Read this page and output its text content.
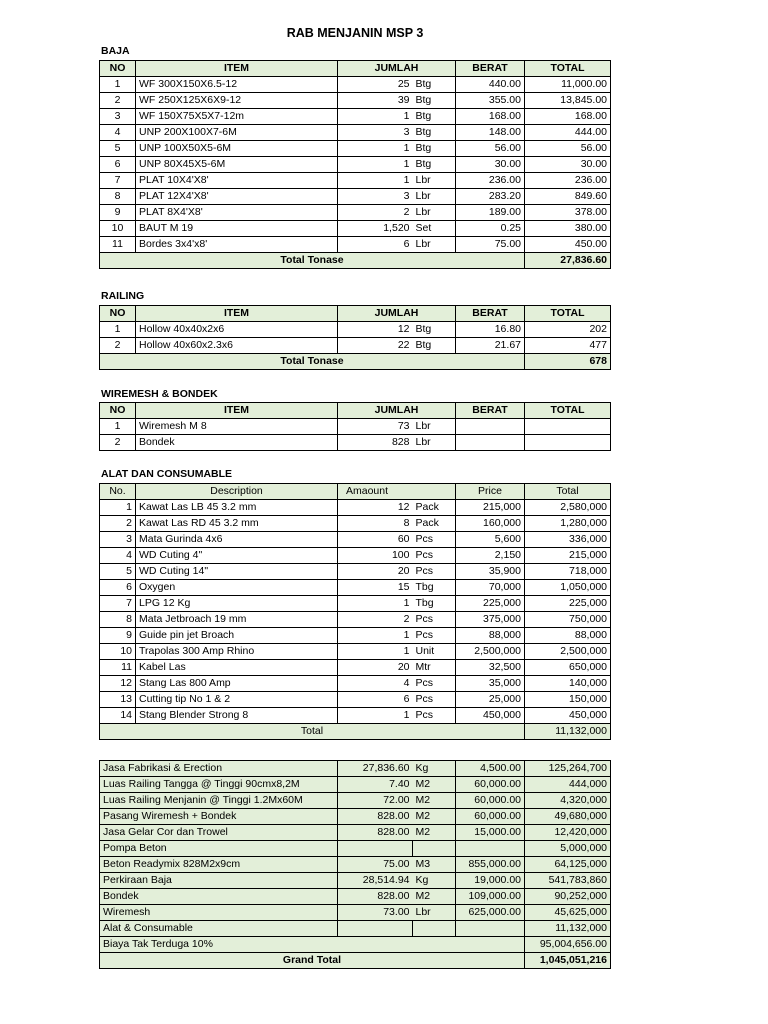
RAB MENJANIN MSP 3
BAJA
NO	ITEM	JUMLAH		BERAT	TOTAL
1	WF 300X150X6.5-12	25	Btg	440.00	11,000.00
2	WF 250X125X6X9-12	39	Btg	355.00	13,845.00
3	WF 150X75X5X7-12m	1	Btg	168.00	168.00
4	UNP 200X100X7-6M	3	Btg	148.00	444.00
5	UNP 100X50X5-6M	1	Btg	56.00	56.00
6	UNP 80X45X5-6M	1	Btg	30.00	30.00
7	PLAT 10X4'X8'	1	Lbr	236.00	236.00
8	PLAT 12X4'X8'	3	Lbr	283.20	849.60
9	PLAT 8X4'X8'	2	Lbr	189.00	378.00
10	BAUT M 19	1,520	Set	0.25	380.00
11	Bordes 3x4'x8'	6	Lbr	75.00	450.00
Total Tonase					27,836.60
RAILING
NO	ITEM	JUMLAH		BERAT	TOTAL
1	Hollow 40x40x2x6	12	Btg	16.80	202
2	Hollow 40x60x2.3x6	22	Btg	21.67	477
Total Tonase					678
WIREMESH & BONDEK
NO	ITEM	JUMLAH		BERAT	TOTAL
1	Wiremesh M 8	73	Lbr		
2	Bondek	828	Lbr		
ALAT DAN CONSUMABLE
No.	Description	Amaount		Price	Total
1	Kawat Las LB 45 3.2 mm	12	Pack	215,000	2,580,000
2	Kawat Las RD 45 3.2 mm	8	Pack	160,000	1,280,000
3	Mata Gurinda 4x6	60	Pcs	5,600	336,000
4	WD Cuting 4"	100	Pcs	2,150	215,000
5	WD Cuting 14"	20	Pcs	35,900	718,000
6	Oxygen	15	Tbg	70,000	1,050,000
7	LPG 12 Kg	1	Tbg	225,000	225,000
8	Mata Jetbroach 19 mm	2	Pcs	375,000	750,000
9	Guide pin jet Broach	1	Pcs	88,000	88,000
10	Trapolas 300 Amp Rhino	1	Unit	2,500,000	2,500,000
11	Kabel Las	20	Mtr	32,500	650,000
12	Stang Las 800 Amp	4	Pcs	35,000	140,000
13	Cutting tip No 1 & 2	6	Pcs	25,000	150,000
14	Stang Blender Strong 8	1	Pcs	450,000	450,000
Total					11,132,000
Jasa Fabrikasi & Erection	27,836.60	Kg	4,500.00	125,264,700
Luas Railing Tangga @ Tinggi 90cmx8,2M	7.40	M2	60,000.00	444,000
Luas Railing Menjanin @ Tinggi 1.2Mx60M	72.00	M2	60,000.00	4,320,000
Pasang Wiremesh + Bondek	828.00	M2	60,000.00	49,680,000
Jasa Gelar Cor dan Trowel	828.00	M2	15,000.00	12,420,000
Pompa Beton				5,000,000
Beton Readymix 828M2x9cm	75.00	M3	855,000.00	64,125,000
Perkiraan Baja	28,514.94	Kg	19,000.00	541,783,860
Bondek	828.00	M2	109,000.00	90,252,000
Wiremesh	73.00	Lbr	625,000.00	45,625,000
Alat & Consumable				11,132,000
Biaya Tak Terduga 10%				95,004,656.00
Grand Total				1,045,051,216
